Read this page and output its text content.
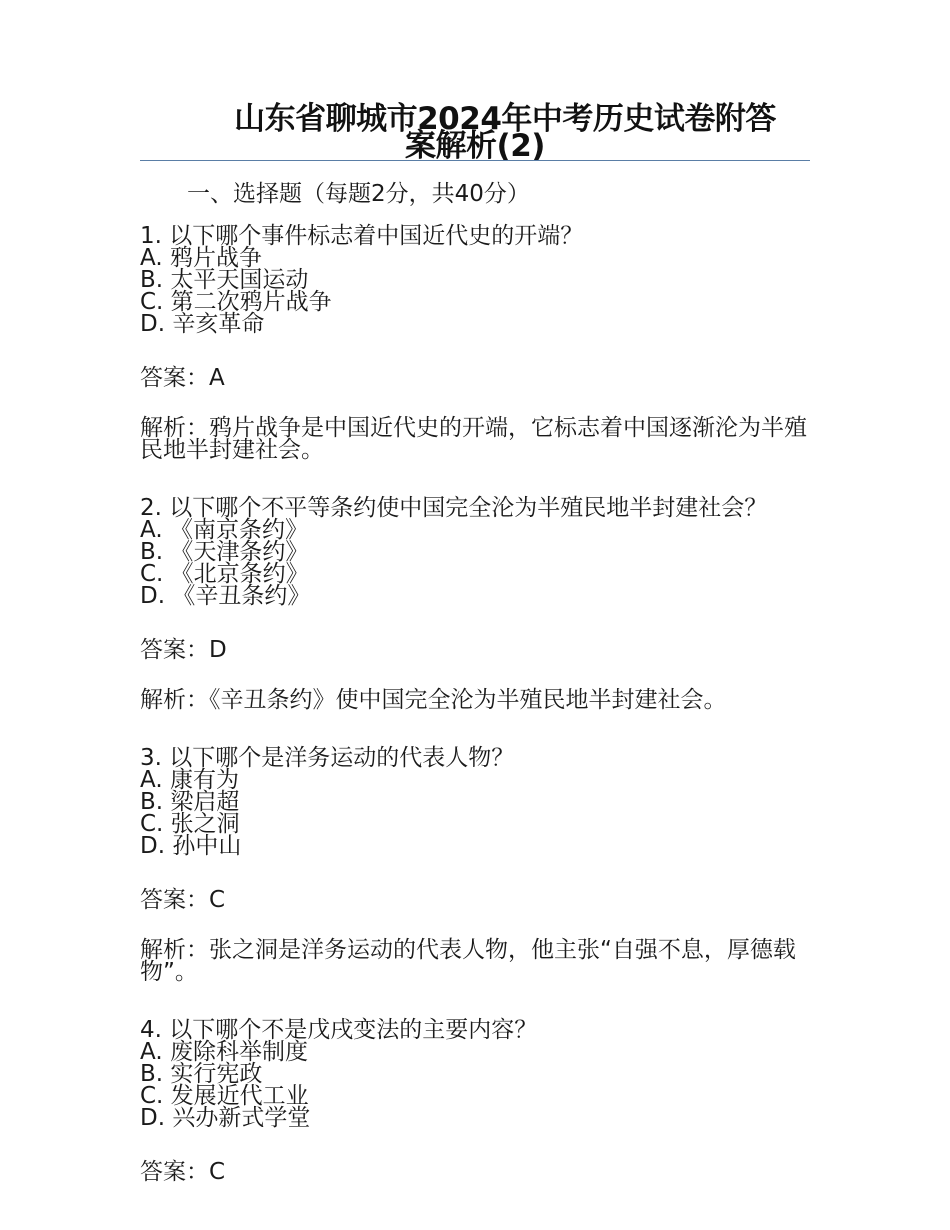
山东省聊城市2024年中考历史试卷附答
案解析(2)
一、选择题（每题2分，共40分）
1. 以下哪个事件标志着中国近代史的开端？
A. 鸦片战争
B. 太平天国运动
C. 第二次鸦片战争
D. 辛亥革命
答案：A
解析：鸦片战争是中国近代史的开端，它标志着中国逐渐沦为半殖民地半封建社会。
2. 以下哪个不平等条约使中国完全沦为半殖民地半封建社会？
A. 《南京条约》
B. 《天津条约》
C. 《北京条约》
D. 《辛丑条约》
答案：D
解析：《辛丑条约》使中国完全沦为半殖民地半封建社会。
3. 以下哪个是洋务运动的代表人物？
A. 康有为
B. 梁启超
C. 张之洞
D. 孙中山
答案：C
解析：张之洞是洋务运动的代表人物，他主张“自强不息，厚德载物”。
4. 以下哪个不是戊戌变法的主要内容？
A. 废除科举制度
B. 实行宪政
C. 发展近代工业
D. 兴办新式学堂
答案：C
